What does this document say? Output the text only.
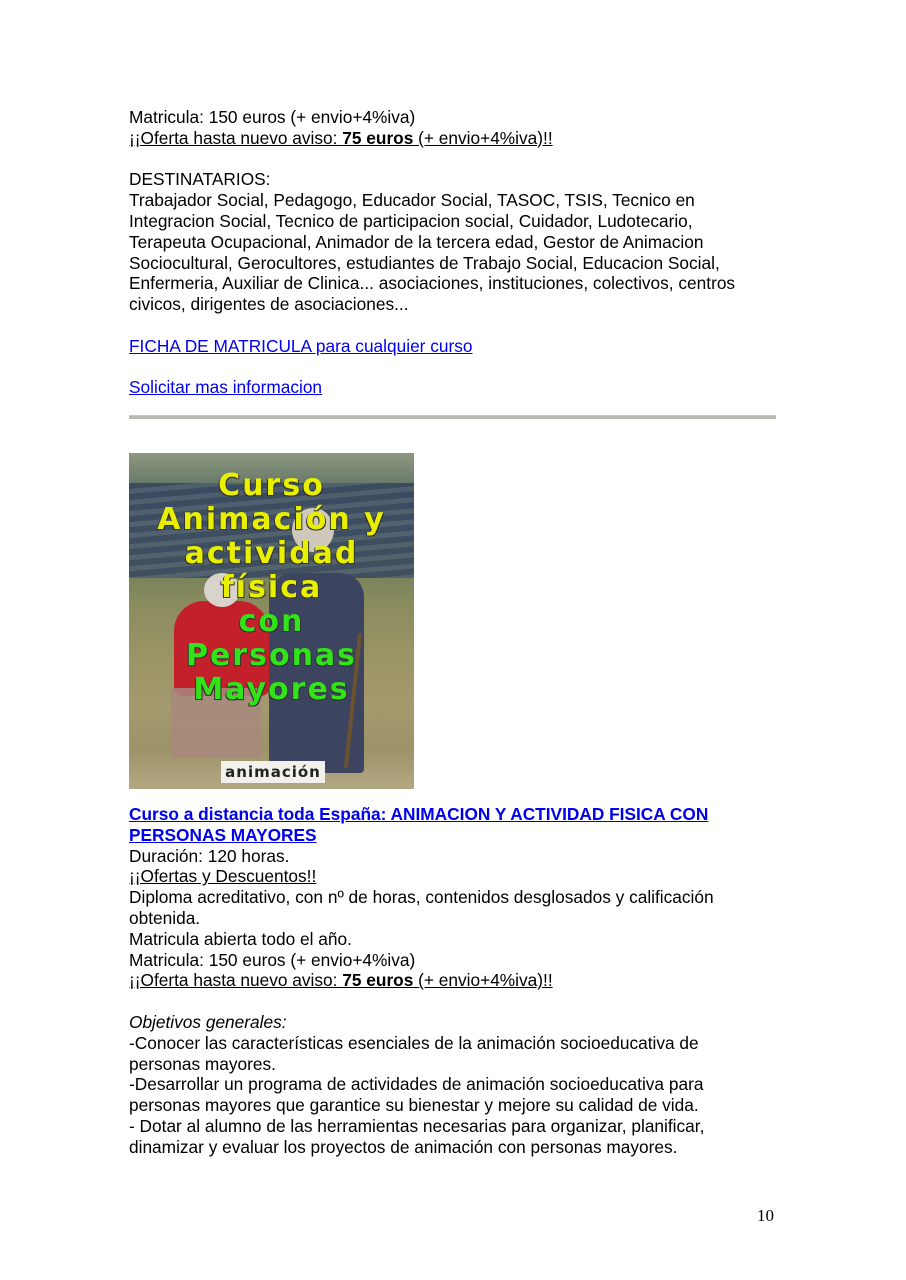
Matricula: 150 euros (+ envio+4%iva)
¡¡Oferta hasta nuevo aviso: 75 euros (+ envio+4%iva)!!
DESTINATARIOS:
Trabajador Social, Pedagogo, Educador Social, TASOC, TSIS, Tecnico en
Integracion Social, Tecnico de participacion social, Cuidador, Ludotecario,
Terapeuta Ocupacional, Animador de la tercera edad, Gestor de Animacion
Sociocultural, Gerocultores, estudiantes de Trabajo Social, Educacion Social,
Enfermeria, Auxiliar de Clinica... asociaciones, instituciones, colectivos, centros
civicos, dirigentes de asociaciones...
FICHA DE MATRICULA para cualquier curso
Solicitar mas informacion
Curso
Animación y
actividad física
con
Personas
Mayores
animación
Curso a distancia toda España: ANIMACION Y ACTIVIDAD FISICA CON
PERSONAS MAYORES
Duración: 120 horas.
¡¡Ofertas y Descuentos!!
Diploma acreditativo, con nº de horas, contenidos desglosados y calificación
obtenida.
Matricula abierta todo el año.
Matricula: 150 euros (+ envio+4%iva)
¡¡Oferta hasta nuevo aviso: 75 euros (+ envio+4%iva)!!
Objetivos generales:
-Conocer las características esenciales de la animación socioeducativa de
personas mayores.
-Desarrollar un programa de actividades de animación socioeducativa para
personas mayores que garantice su bienestar y mejore su calidad de vida.
- Dotar al alumno de las herramientas necesarias para organizar, planificar,
dinamizar y evaluar los proyectos de animación con personas mayores.
10
